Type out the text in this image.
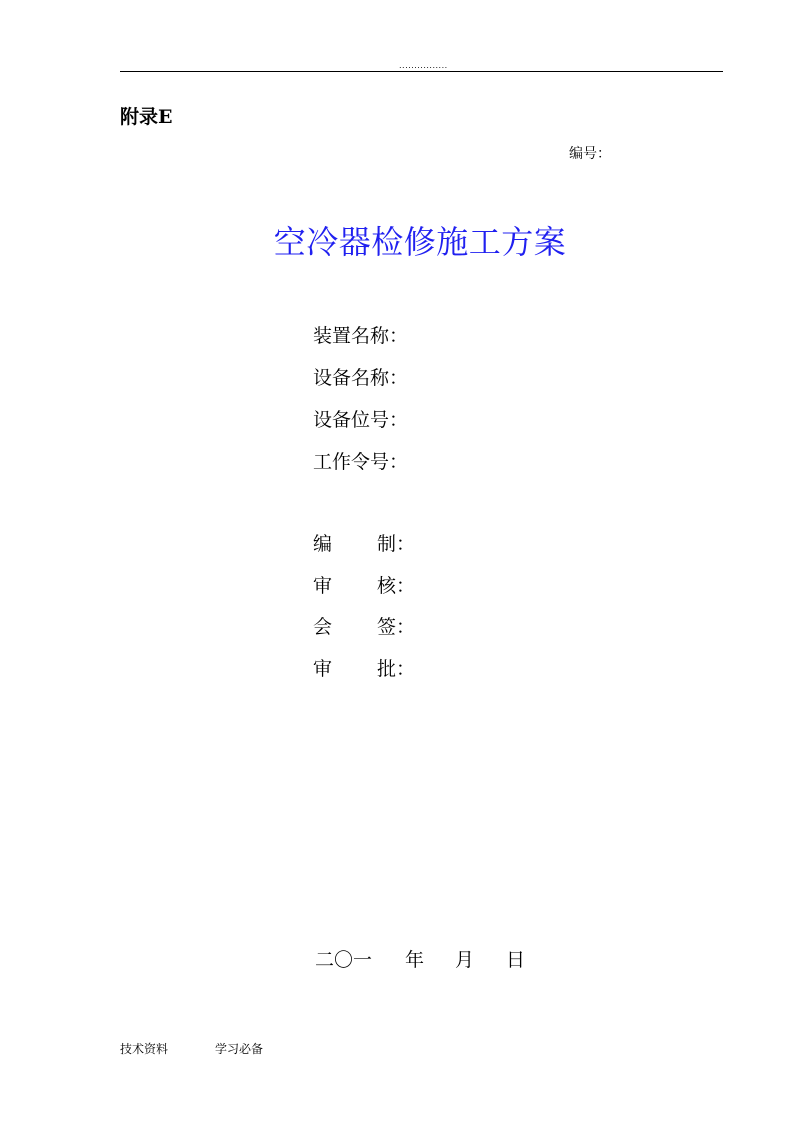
................
附录E
编号：
空冷器检修施工方案
装置名称：
设备名称：
设备位号：
工作令号：
编 制：
审 核：
会 签：
审 批：
二〇一 年 月 日
技术资料	学习必备
